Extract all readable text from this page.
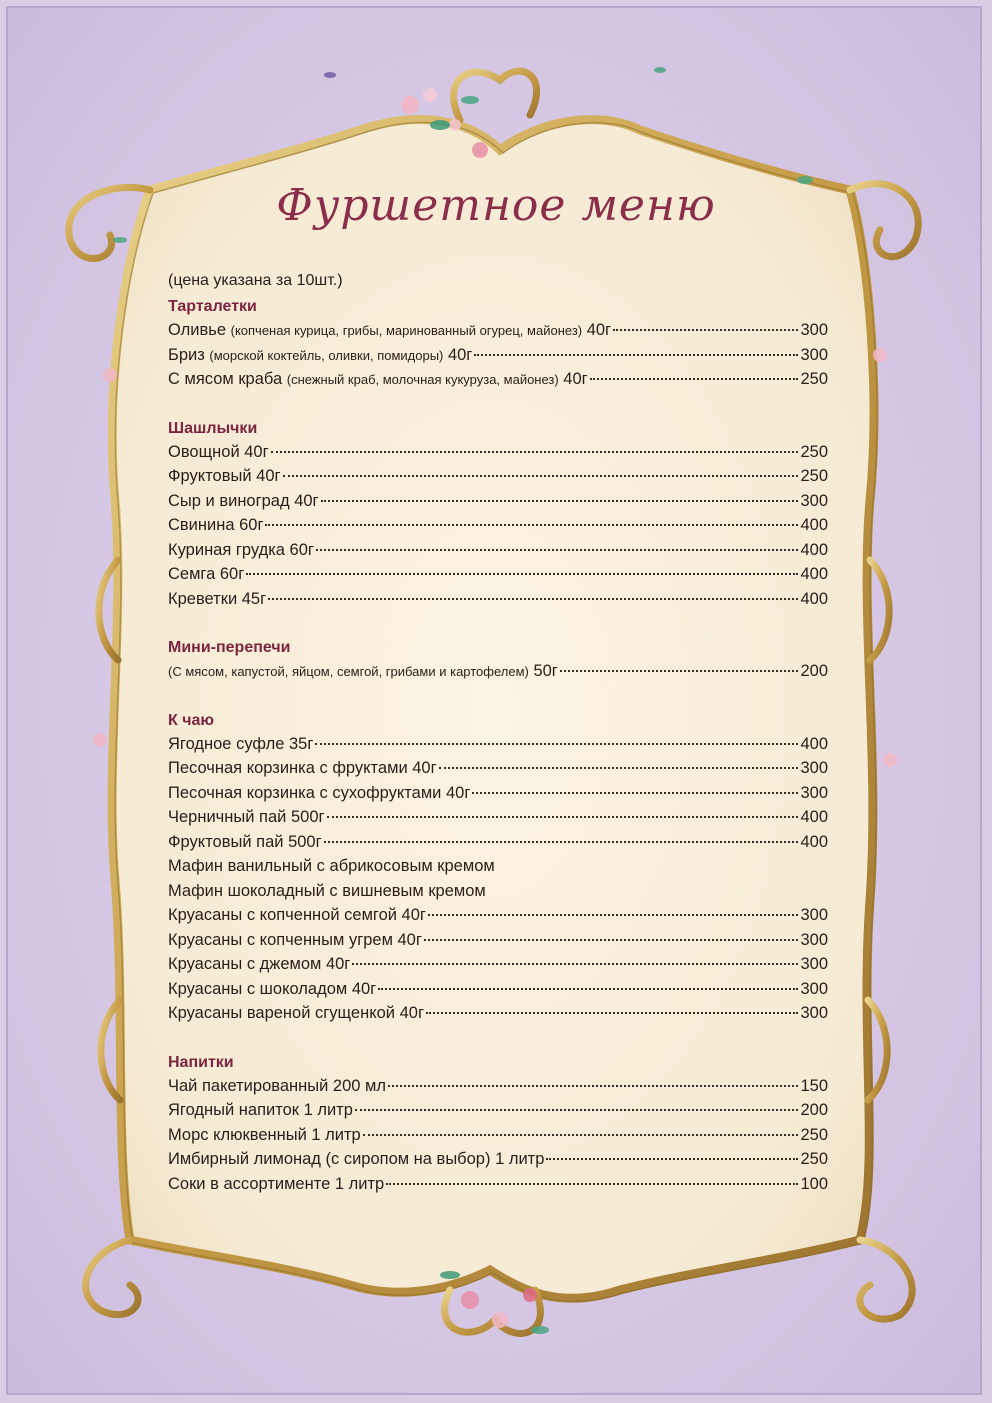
Фуршетное меню
(цена указана за 10шт.)
Тарталетки
Оливье (копченая курица, грибы, маринованный огурец, майонез) 40г	300
Бриз (морской коктейль, оливки, помидоры) 40г	300
С мясом краба (снежный краб, молочная кукуруза, майонез) 40г	250
Шашлычки
Овощной 40г	250
Фруктовый 40г	250
Сыр и виноград 40г	300
Свинина 60г	400
Куриная грудка 60г	400
Семга 60г	400
Креветки 45г	400
Мини-перепечи
(С мясом, капустой, яйцом, семгой, грибами и картофелем) 50г	200
К чаю
Ягодное суфле 35г	400
Песочная корзинка с фруктами 40г	300
Песочная корзинка с сухофруктами 40г	300
Черничный пай 500г	400
Фруктовый пай 500г	400
Мафин ванильный с абрикосовым кремом
Мафин шоколадный с вишневым кремом
Круасаны с копченной семгой 40г	300
Круасаны с копченным угрем 40г	300
Круасаны с джемом 40г	300
Круасаны с шоколадом 40г	300
Круасаны вареной сгущенкой 40г	300
Напитки
Чай пакетированный 200 мл	150
Ягодный напиток 1 литр	200
Морс клюквенный 1 литр	250
Имбирный лимонад (с сиропом на выбор) 1 литр	250
Соки в ассортименте 1 литр	100
